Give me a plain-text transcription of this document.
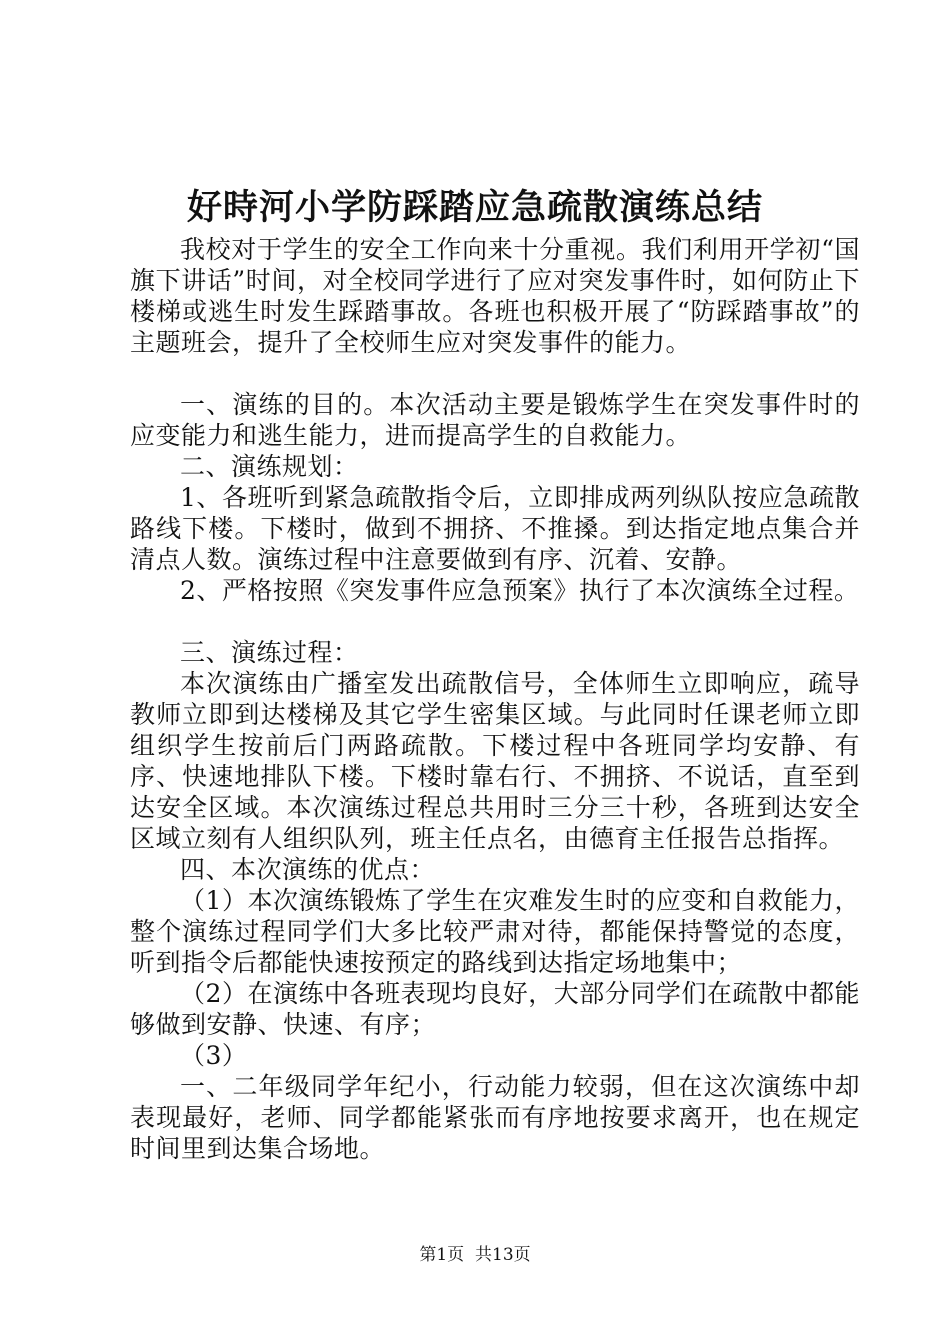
好時河小学防踩踏应急疏散演练总结

我校对于学生的安全工作向来十分重视。我们利用开学初“国旗下讲话”时间，对全校同学进行了应对突发事件时，如何防止下楼梯或逃生时发生踩踏事故。各班也积极开展了“防踩踏事故”的主题班会，提升了全校师生应对突发事件的能力。

一、演练的目的。本次活动主要是锻炼学生在突发事件时的应变能力和逃生能力，进而提高学生的自救能力。

二、演练规划：

1、各班听到紧急疏散指令后，立即排成两列纵队按应急疏散路线下楼。下楼时，做到不拥挤、不推搡。到达指定地点集合并清点人数。演练过程中注意要做到有序、沉着、安静。

2、严格按照《突发事件应急预案》执行了本次演练全过程。

三、演练过程：

本次演练由广播室发出疏散信号，全体师生立即响应，疏导教师立即到达楼梯及其它学生密集区域。与此同时任课老师立即组织学生按前后门两路疏散。下楼过程中各班同学均安静、有序、快速地排队下楼。下楼时靠右行、不拥挤、不说话，直至到达安全区域。本次演练过程总共用时三分三十秒，各班到达安全区域立刻有人组织队列，班主任点名，由德育主任报告总指挥。

四、本次演练的优点：

（1）本次演练锻炼了学生在灾难发生时的应变和自救能力，整个演练过程同学们大多比较严肃对待，都能保持警觉的态度，听到指令后都能快速按预定的路线到达指定场地集中；

（2）在演练中各班表现均良好，大部分同学们在疏散中都能够做到安静、快速、有序；

（3）

一、二年级同学年纪小，行动能力较弱，但在这次演练中却表现最好，老师、同学都能紧张而有序地按要求离开，也在规定时间里到达集合场地。

第1页 共13页
